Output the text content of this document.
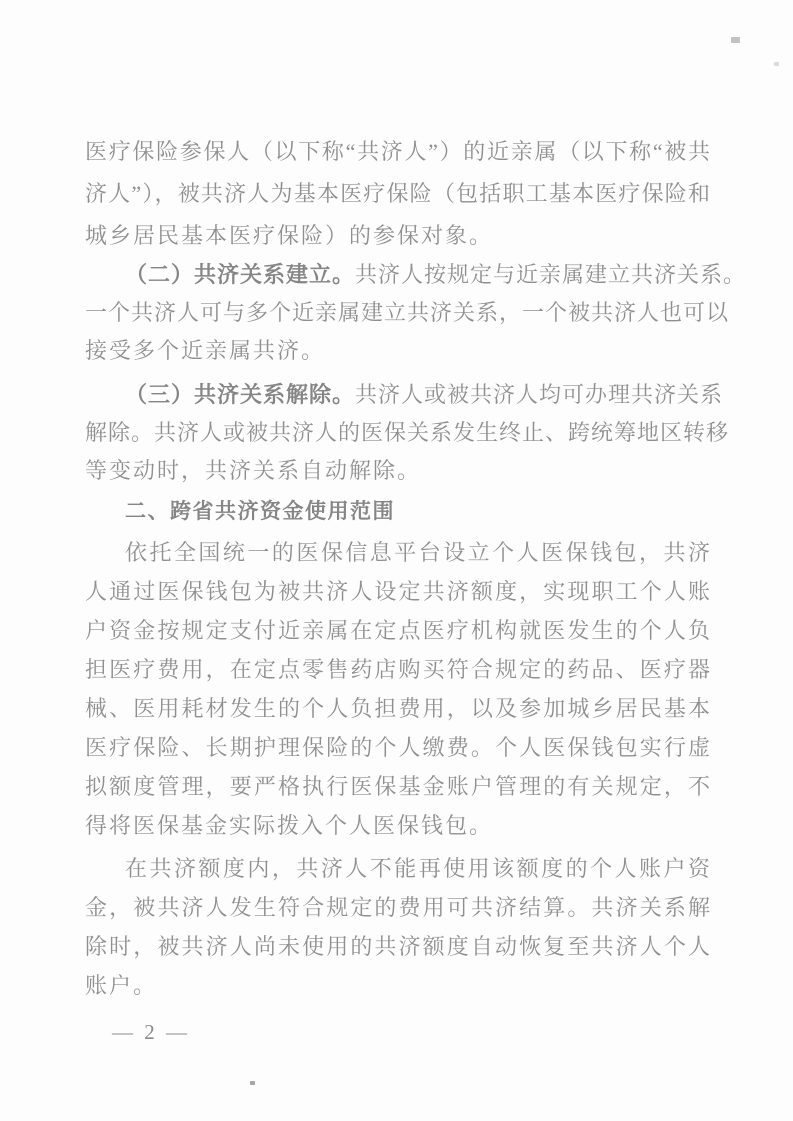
医疗保险参保人（以下称“共济人”）的近亲属（以下称“被共
济人”），被共济人为基本医疗保险（包括职工基本医疗保险和
城乡居民基本医疗保险）的参保对象。
（二）共济关系建立。共济人按规定与近亲属建立共济关系。
一个共济人可与多个近亲属建立共济关系，一个被共济人也可以
接受多个近亲属共济。
（三）共济关系解除。共济人或被共济人均可办理共济关系
解除。共济人或被共济人的医保关系发生终止、跨统筹地区转移
等变动时，共济关系自动解除。
二、跨省共济资金使用范围
依托全国统一的医保信息平台设立个人医保钱包，共济
人通过医保钱包为被共济人设定共济额度，实现职工个人账
户资金按规定支付近亲属在定点医疗机构就医发生的个人负
担医疗费用，在定点零售药店购买符合规定的药品、医疗器
械、医用耗材发生的个人负担费用，以及参加城乡居民基本
医疗保险、长期护理保险的个人缴费。个人医保钱包实行虚
拟额度管理，要严格执行医保基金账户管理的有关规定，不
得将医保基金实际拨入个人医保钱包。
在共济额度内，共济人不能再使用该额度的个人账户资
金，被共济人发生符合规定的费用可共济结算。共济关系解
除时，被共济人尚未使用的共济额度自动恢复至共济人个人
账户。
— 2 —
